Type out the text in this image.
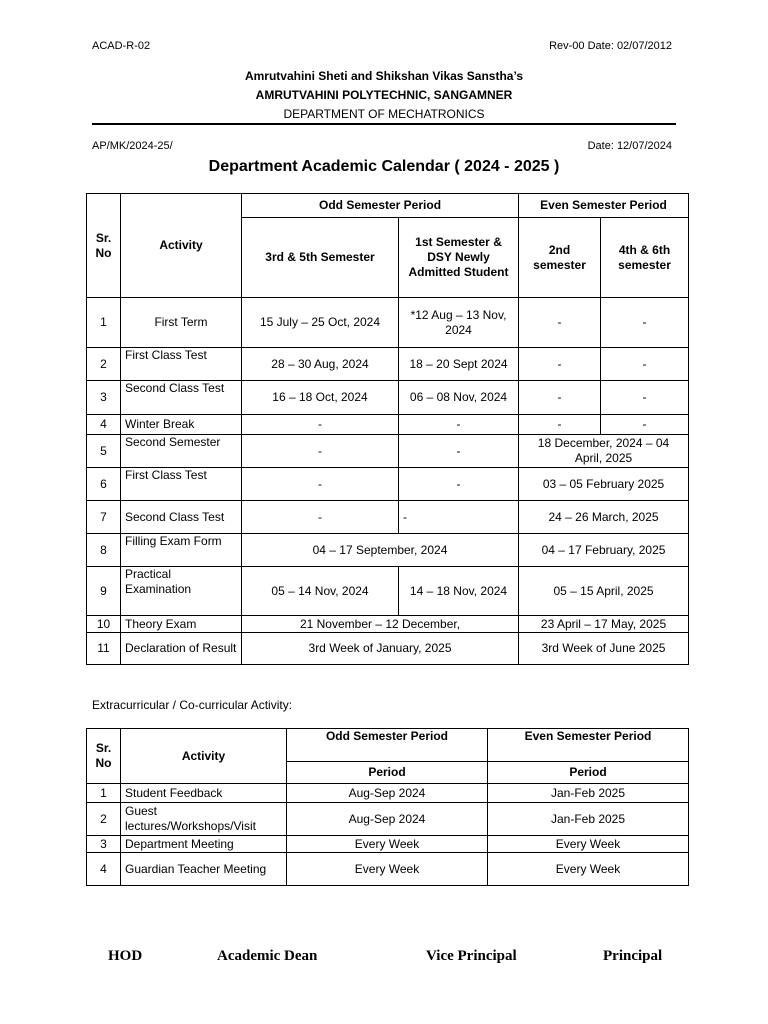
ACAD-R-02	Rev-00 Date: 02/07/2012
Amrutvahini Sheti and Shikshan Vikas Sanstha’s
AMRUTVAHINI POLYTECHNIC, SANGAMNER
DEPARTMENT OF MECHATRONICS
AP/MK/2024-25/	Date: 12/07/2024
Department Academic Calendar ( 2024 - 2025 )
Sr. No	Activity	Odd Semester Period		Even Semester Period	
		3rd & 5th Semester	1st Semester & DSY Newly Admitted Student	2nd semester	4th & 6th semester
1	First Term	15 July – 25 Oct, 2024	*12 Aug – 13 Nov, 2024	-	-
2	First Class Test	28 – 30 Aug, 2024	18 – 20 Sept 2024	-	-
3	Second Class Test	16 – 18 Oct, 2024	06 – 08 Nov, 2024	-	-
4	Winter Break	-	-	-	-
5	Second Semester	-	-	18 December, 2024 – 04 April, 2025	
6	First Class Test	-	-	03 – 05 February 2025	
7	Second Class Test	-	-	24 – 26 March, 2025	
8	Filling Exam Form	04 – 17 September, 2024		04 – 17 February, 2025	
9	Practical Examination	05 – 14 Nov, 2024	14 – 18 Nov, 2024	05 – 15 April, 2025	
10	Theory Exam	21 November – 12 December,		23 April – 17 May, 2025	
11	Declaration of Result	3rd Week of January, 2025		3rd Week of June 2025	
Extracurricular / Co-curricular Activity:
Sr. No	Activity	Odd Semester Period	Even Semester Period
		Period	Period
1	Student Feedback	Aug-Sep 2024	Jan-Feb 2025
2	Guest lectures/Workshops/Visit	Aug-Sep 2024	Jan-Feb 2025
3	Department Meeting	Every Week	Every Week
4	Guardian Teacher Meeting	Every Week	Every Week
HOD	Academic Dean	Vice Principal	Principal
